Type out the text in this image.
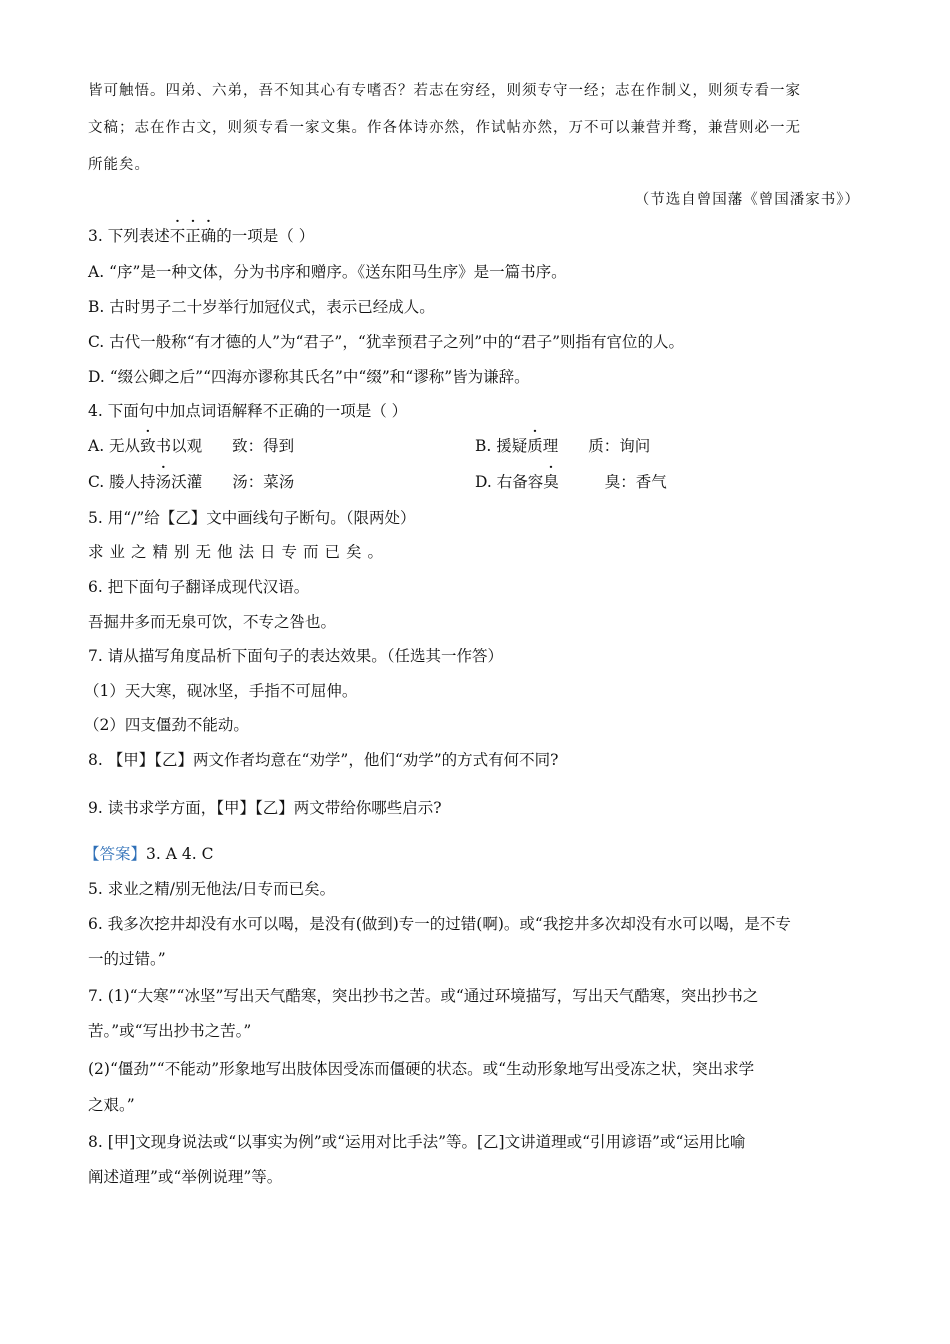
皆可触悟。四弟、六弟，吾不知其心有专嗜否？若志在穷经，则须专守一经；志在作制义，则须专看一家
文稿；志在作古文，则须专看一家文集。作各体诗亦然，作试帖亦然，万不可以兼营并骛，兼营则必一无
所能矣。
（节选自曾国藩《曾国潘家书》）
3. 下列表述不正确的一项是（ ）
A. “序”是一种文体，分为书序和赠序。《送东阳马生序》是一篇书序。
B. 古时男子二十岁举行加冠仪式，表示已经成人。
C. 古代一般称“有才德的人”为“君子”，“犹幸预君子之列”中的“君子”则指有官位的人。
D. “缀公卿之后”“四海亦谬称其氏名”中“缀”和“谬称”皆为谦辞。
4. 下面句中加点词语解释不正确的一项是（ ）
A. 无从致书以观 致：得到	B. 援疑质理 质：询问
C. 媵人持汤沃灌 汤：菜汤	D. 右备容臭	臭：香气
5. 用“/”给【乙】文中画线句子断句。（限两处）
求业之精别无他法日专而已矣。
6. 把下面句子翻译成现代汉语。
吾掘井多而无泉可饮，不专之咎也。
7. 请从描写角度品析下面句子的表达效果。（任选其一作答）
（1）天大寒，砚冰坚，手指不可屈伸。
（2）四支僵劲不能动。
8. 【甲】【乙】两文作者均意在“劝学”，他们“劝学”的方式有何不同?
9. 读书求学方面，【甲】【乙】两文带给你哪些启示?
【答案】3. A 4. C
5. 求业之精/别无他法/日专而已矣。
6. 我多次挖井却没有水可以喝，是没有(做到)专一的过错(啊)。或“我挖井多次却没有水可以喝，是不专
一的过错。”
7. (1)“大寒”“冰坚”写出天气酷寒，突出抄书之苦。或“通过环境描写，写出天气酷寒，突出抄书之
苦。”或“写出抄书之苦。”
(2)“僵劲”“不能动”形象地写出肢体因受冻而僵硬的状态。或“生动形象地写出受冻之状，突出求学
之艰。”
8. [甲]文现身说法或“以事实为例”或“运用对比手法”等。[乙]文讲道理或“引用谚语”或“运用比喻
阐述道理”或“举例说理”等。
